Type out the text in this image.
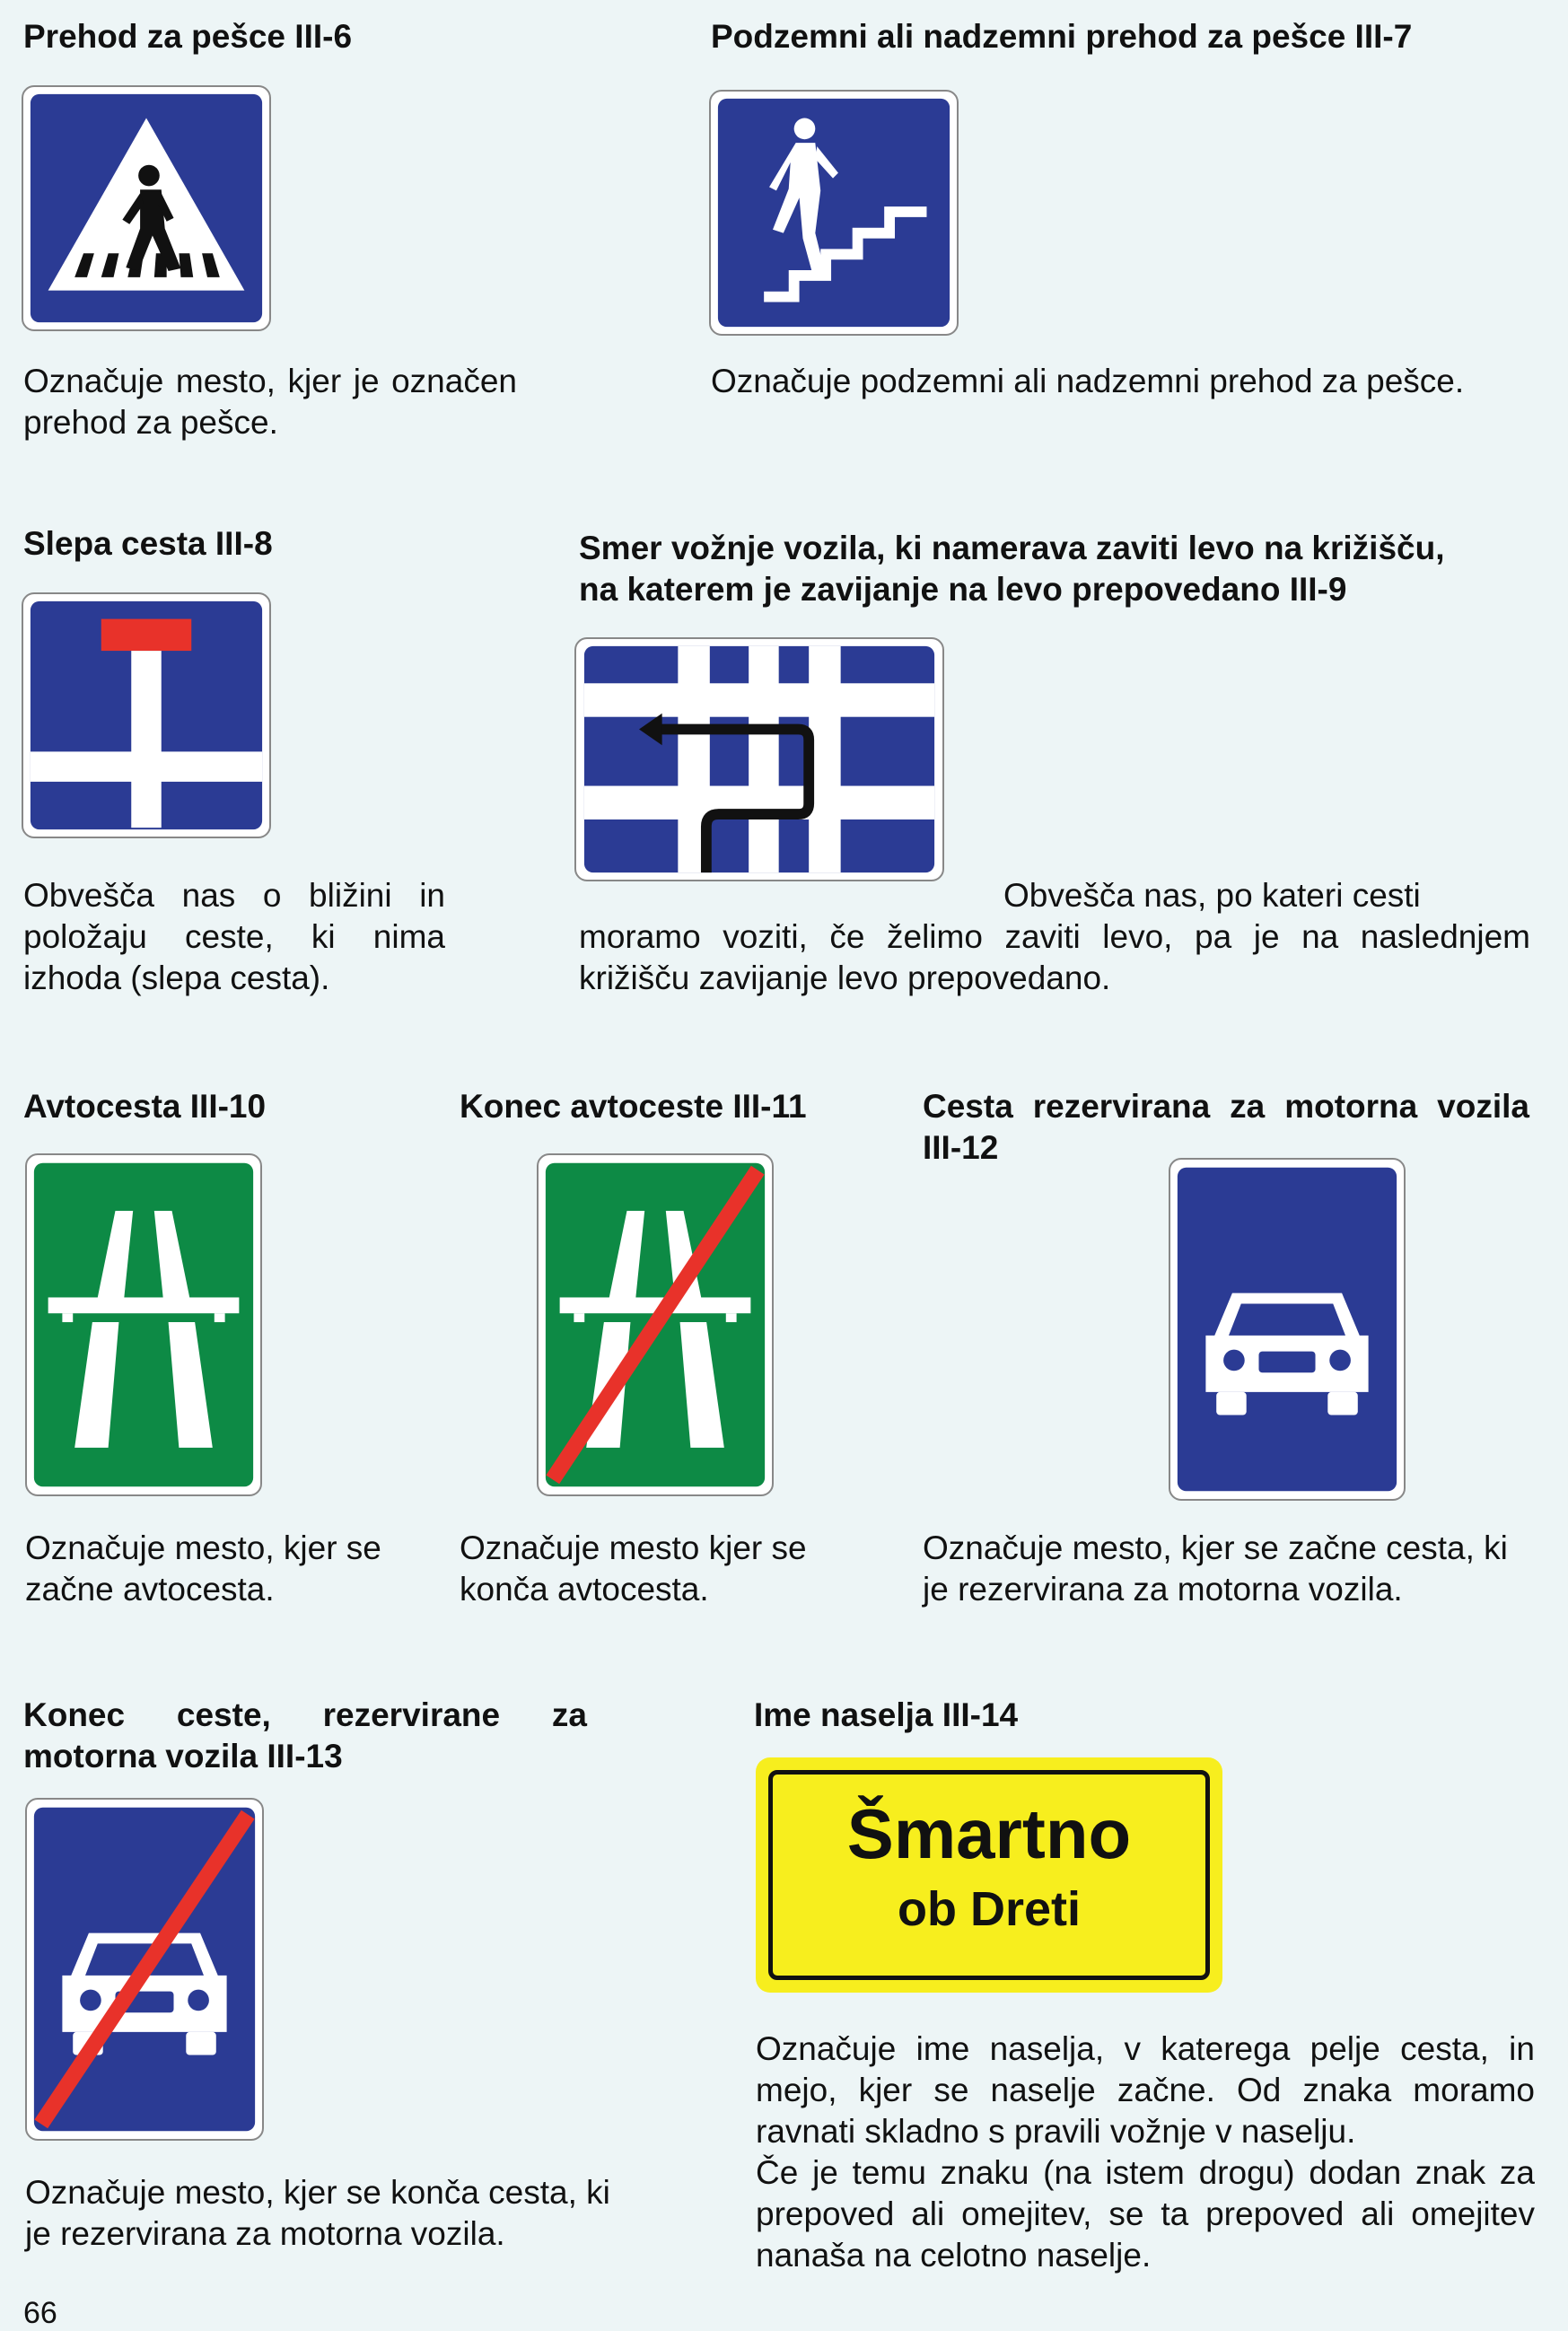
Prehod za pešce III-6
Označuje mesto, kjer je označen prehod za pešce.
Podzemni ali nadzemni prehod za pešce III-7
Označuje podzemni ali nadzemni prehod za pešce.
Slepa cesta III-8
Obvešča nas o bližini in položaju ceste, ki nima izhoda (slepa cesta).
Smer vožnje vozila, ki namerava zaviti levo na križišču,
na katerem je zavijanje na levo prepovedano III-9
Obvešča nas, po kateri cesti
moramo voziti, če želimo zaviti levo, pa je na naslednjem križišču zavijanje levo prepovedano.
Avtocesta III-10
Označuje mesto, kjer se začne avtocesta.
Konec avtoceste III-11
Označuje mesto kjer se konča avtocesta.
Cesta rezervirana za motorna vozila III-12
Označuje mesto, kjer se začne cesta, ki je rezervirana za motorna vozila.
Konec ceste, rezervirane za motorna vozila III-13
Označuje mesto, kjer se konča cesta, ki je rezervirana za motorna vozila.
Ime naselja III-14
Šmartno
ob Dreti
Označuje ime naselja, v katerega pelje cesta, in mejo, kjer se naselje začne. Od znaka moramo ravnati skladno s pravili vožnje v naselju.
Če je temu znaku (na istem drogu) dodan znak za prepoved ali omejitev, se ta prepoved ali omejitev nanaša na celotno naselje.
66
